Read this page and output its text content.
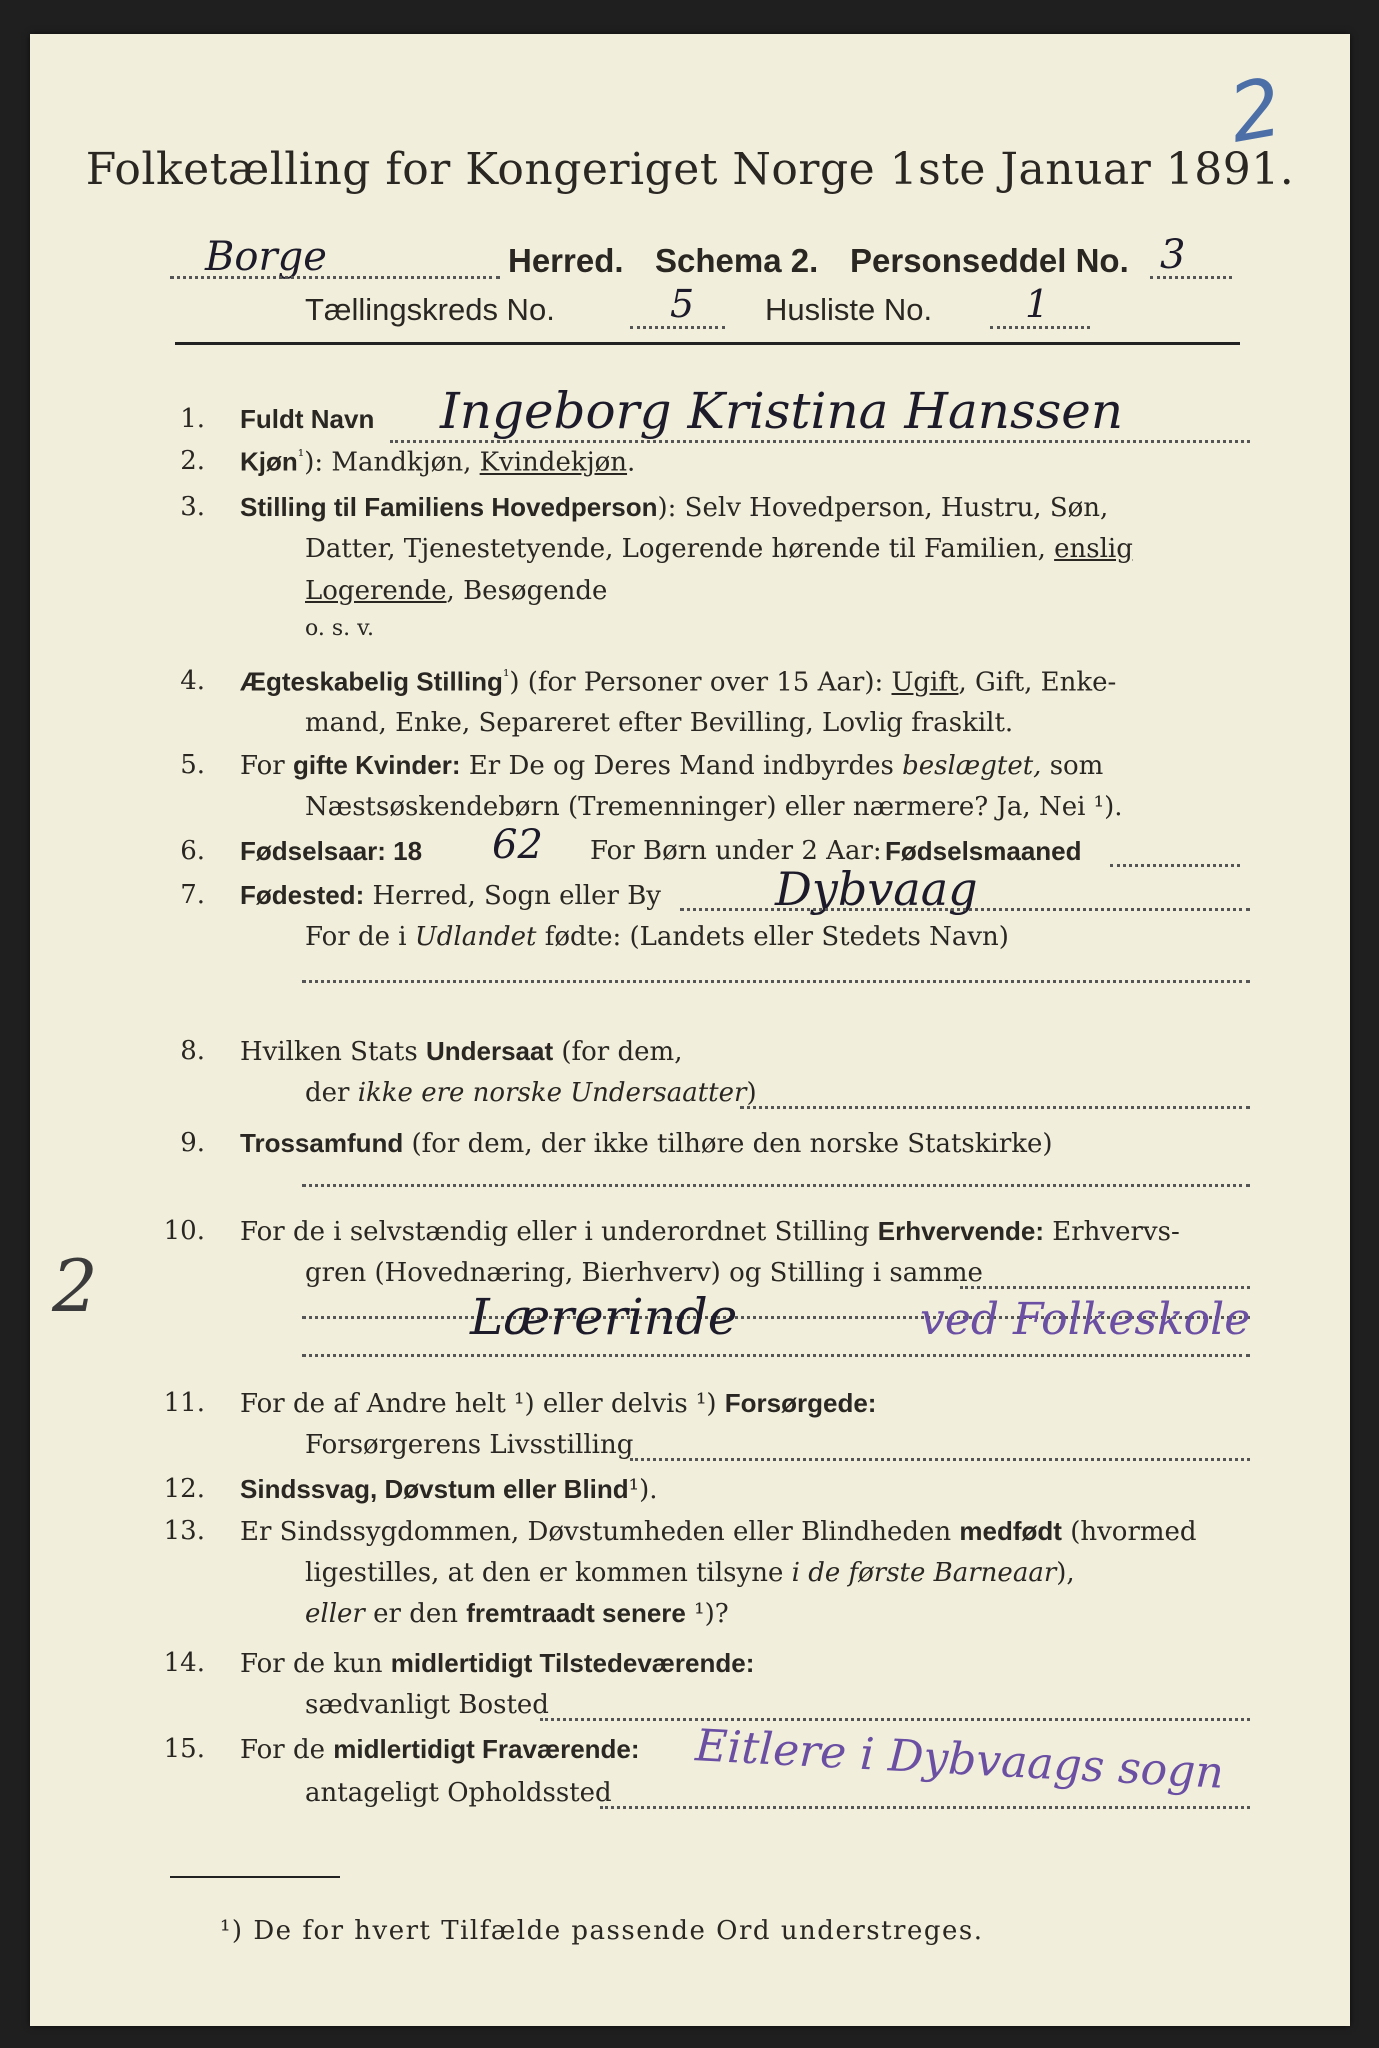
2
Folketælling for Kongeriget Norge 1ste Januar 1891.
Borge	Herred. Schema 2. Personseddel No. 3
Tællingskreds No.	5 Husliste No. 1
1. Fuldt Navn Ingeborg Kristina Hanssen
2. Kjøn$^{^1}$): Mandkjøn, Kvindekjøn.
3. Stilling til Familiens Hovedperson): Selv Hovedperson, Hustru, Søn,
Datter, Tjenestetyende, Logerende hørende til Familien, enslig
Logerende, Besøgende
o. s. v.
4. Ægteskabelig Stilling$^{^1}$) (for Personer over 15 Aar): Ugift, Gift, Enke-
mand, Enke, Separeret efter Bevilling, Lovlig fraskilt.
5. For gifte Kvinder: Er De og Deres Mand indbyrdes beslægtet, som
Næstsøskendebørn (Tremenninger) eller nærmere? Ja, Nei ¹).
6. Fødselsaar: 18 62 For Børn under 2 Aar: Fødselsmaaned
7. Fødested: Herred, Sogn eller By Dybvaag
For de i Udlandet fødte: (Landets eller Stedets Navn)
8. Hvilken Stats Undersaat (for dem,
der ikke ere norske Undersaatter)
9. Trossamfund (for dem, der ikke tilhøre den norske Statskirke)
10. For de i selvstændig eller i underordnet Stilling Erhvervende: Erhvervs-
gren (Hovednæring, Bierhverv) og Stilling i samme
2	Lærerinde	ved Folkeskole
11. For de af Andre helt ¹) eller delvis ¹) Forsørgede:
Forsørgerens Livsstilling
12. Sindssvag, Døvstum eller Blind¹).
13. Er Sindssygdommen, Døvstumheden eller Blindheden medfødt (hvormed
ligestilles, at den er kommen tilsyne i de første Barneaar),
eller er den fremtraadt senere ¹)?
14. For de kun midlertidigt Tilstedeværende:
sædvanligt Bosted
15. For de midlertidigt Fraværende:
antageligt Opholdssted Eitlere i Dybvaags sogn
¹) De for hvert Tilfælde passende Ord understreges.
